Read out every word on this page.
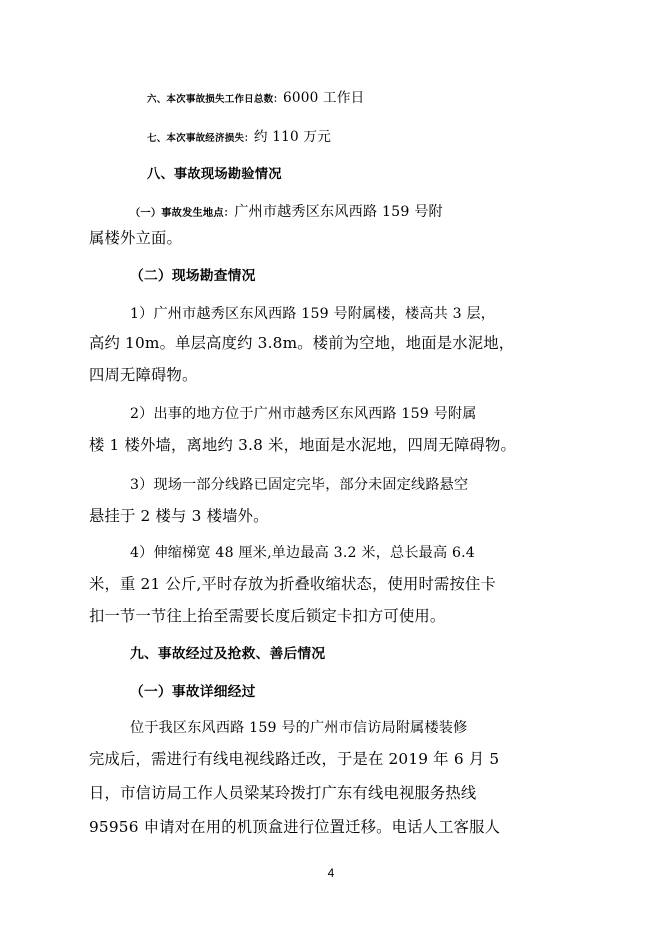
六、本次事故损失工作日总数：6000 工作日
七、本次事故经济损失：约 110 万元
八、事故现场勘验情况
（一）事故发生地点：广州市越秀区东风西路 159 号附
属楼外立面。
（二）现场勘查情况
1）广州市越秀区东风西路 159 号附属楼，楼高共 3 层，
高约 10m。单层高度约 3.8m。楼前为空地，地面是水泥地，
四周无障碍物。
2）出事的地方位于广州市越秀区东风西路 159 号附属
楼 1 楼外墙，离地约 3.8 米，地面是水泥地，四周无障碍物。
3）现场一部分线路已固定完毕，部分未固定线路悬空
悬挂于 2 楼与 3 楼墙外。
4）伸缩梯宽 48 厘米,单边最高 3.2 米，总长最高 6.4
米，重 21 公斤,平时存放为折叠收缩状态，使用时需按住卡
扣一节一节往上抬至需要长度后锁定卡扣方可使用。
九、事故经过及抢救、善后情况
（一）事故详细经过
位于我区东风西路 159 号的广州市信访局附属楼装修
完成后，需进行有线电视线路迁改，于是在 2019 年 6 月 5
日，市信访局工作人员梁某玲拨打广东有线电视服务热线
95956 申请对在用的机顶盒进行位置迁移。电话人工客服人
4
